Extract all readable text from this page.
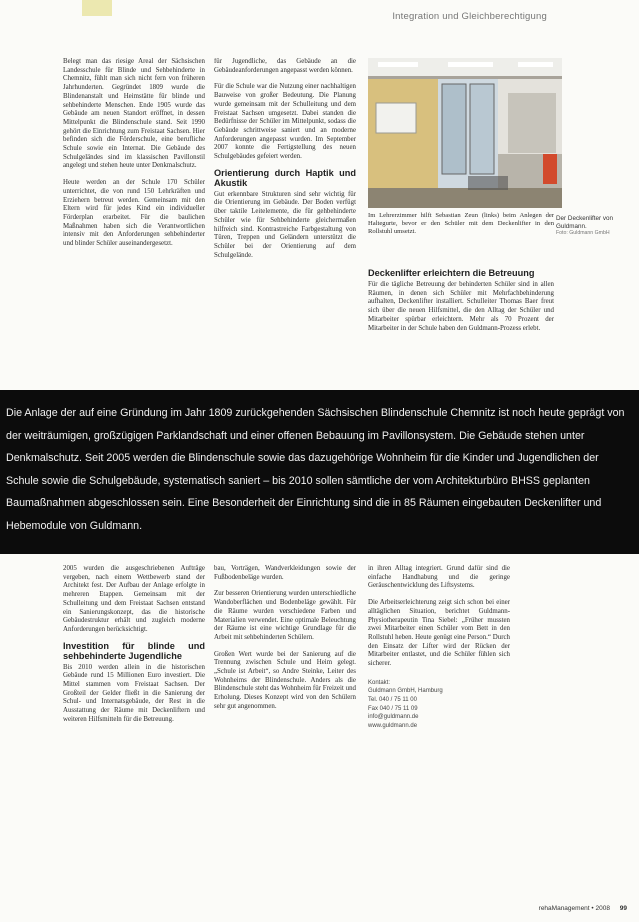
Integration und Gleichberechtigung

Belegt man das riesige Areal der Sächsischen Landesschule für Blinde und Sehbehinderte in Chemnitz, fühlt man sich nicht fern von früheren Jahrhunderten. Gegründet 1809 wurde die Blindenanstalt und Heimstätte für blinde und sehbehinderte Menschen. Ende 1905 wurde das Gebäude am neuen Standort eröffnet, in dessen Mittelpunkt die Blindenschule stand. Seit 1990 gehört die Einrichtung zum Freistaat Sachsen. Hier befinden sich die Förderschule, eine berufliche Schule sowie ein Internat. Die Gebäude des Schulgeländes sind im klassischen Pavillonstil angelegt und stehen heute unter Denkmalschutz.

Heute werden an der Schule 170 Schüler unterrichtet, die von rund 150 Lehrkräften und Erziehern betreut werden. Gemeinsam mit den Eltern wird für jedes Kind ein individueller Förderplan erarbeitet. Für die baulichen Maßnahmen haben sich die Verantwortlichen intensiv mit den Anforderungen sehbehinderter und blinder Schüler auseinandergesetzt.

für Jugendliche, das Gebäude an die Gebäudeanforderungen angepasst werden können.

Für die Schule war die Nutzung einer nachhaltigen Bauweise von großer Bedeutung. Die Planung wurde gemeinsam mit der Schulleitung und dem Freistaat Sachsen umgesetzt. Dabei standen die Bedürfnisse der Schüler im Mittelpunkt, sodass die Gebäude schrittweise saniert und an moderne Anforderungen angepasst wurden. Im September 2007 konnte die Fertigstellung des neuen Schulgebäudes gefeiert werden.

Orientierung durch Haptik und Akustik

Gut erkennbare Strukturen sind sehr wichtig für die Orientierung im Gebäude. Der Boden verfügt über taktile Leitelemente, die für gehbehinderte Schüler wie für Sehbehinderte gleichermaßen hilfreich sind. Kontrastreiche Farbgestaltung von Türen, Treppen und Geländern unterstützt die Schüler bei der Orientierung auf dem Schulgelände.

Im Lehrerzimmer hilft Sebastian Zeun (links) beim Anlegen der Haltegurte, bevor er den Schüler mit dem Deckenlifter in den Rollstuhl umsetzt.
Der Deckenlifter von Guldmann.
Foto: Guldmann GmbH
Deckenlifter erleichtern die Betreuung

Für die tägliche Betreuung der behinderten Schüler sind in allen Räumen, in denen sich Schüler mit Mehrfachbehinderung aufhalten, Deckenlifter installiert. Schulleiter Thomas Baer freut sich über die neuen Hilfsmittel, die den Alltag der Schüler und Mitarbeiter spürbar erleichtern. Mehr als 70 Prozent der Mitarbeiter in der Schule haben den Guldmann-Prozess erlebt.

Die Anlage der auf eine Gründung im Jahr 1809 zurückgehenden Sächsischen Blindenschule Chemnitz ist noch heute geprägt von der weiträumigen, großzügigen Parklandschaft und einer offenen Bebauung im Pavillonsystem. Die Gebäude stehen unter Denkmalschutz. Seit 2005 werden die Blindenschule sowie das dazugehörige Wohnheim für die Kinder und Jugendlichen der Schule sowie die Schulgebäude, systematisch saniert – bis 2010 sollen sämtliche der vom Architekturbüro BHSS geplanten Baumaßnahmen abgeschlossen sein. Eine Besonderheit der Einrichtung sind die in 85 Räumen eingebauten Deckenlifter und Hebemodule von Guldmann.

2005 wurden die ausgeschriebenen Aufträge vergeben, nach einem Wettbewerb stand der Architekt fest. Der Aufbau der Anlage erfolgte in mehreren Etappen. Gemeinsam mit der Schulleitung und dem Freistaat Sachsen entstand ein Sanierungskonzept, das die historische Gebäudestruktur erhält und zugleich moderne Anforderungen berücksichtigt.

Investition für blinde und sehbehinderte Jugendliche

Bis 2010 werden allein in die historischen Gebäude rund 15 Millionen Euro investiert. Die Mittel stammen vom Freistaat Sachsen. Der Großteil der Gelder fließt in die Sanierung der Schul- und Internatsgebäude, der Rest in die Ausstattung der Räume mit Deckenliftern und weiteren Hilfsmitteln für die Betreuung.

bau, Vorträgen, Wandverkleidungen sowie der Fußbodenbeläge wurden.

Zur besseren Orientierung wurden unterschiedliche Wandoberflächen und Bodenbeläge gewählt. Für die Räume wurden verschiedene Farben und Materialien verwendet. Eine optimale Beleuchtung der Räume ist eine wichtige Grundlage für die Arbeit mit sehbehinderten Schülern.

Großen Wert wurde bei der Sanierung auf die Trennung zwischen Schule und Heim gelegt. „Schule ist Arbeit“, so Andre Steinke, Leiter des Wohnheims der Blindenschule. Anders als die Blindenschule steht das Wohnheim für Freizeit und Erholung. Dieses Konzept wird von den Schülern sehr gut angenommen.

in ihren Alltag integriert. Grund dafür sind die einfache Handhabung und die geringe Geräuschentwicklung des Liftsystems.

Die Arbeitserleichterung zeigt sich schon bei einer alltäglichen Situation, berichtet Guldmann-Physiotherapeutin Tina Siebel: „Früher mussten zwei Mitarbeiter einen Schüler vom Bett in den Rollstuhl heben. Heute genügt eine Person.“ Durch den Einsatz der Lifter wird der Rücken der Mitarbeiter entlastet, und die Schüler fühlen sich sicherer.

Kontakt:
Guldmann GmbH, Hamburg
Tel. 040 / 75 11 00
Fax 040 / 75 11 09
info@guldmann.de
www.guldmann.de
rehaManagement • 2008 99
